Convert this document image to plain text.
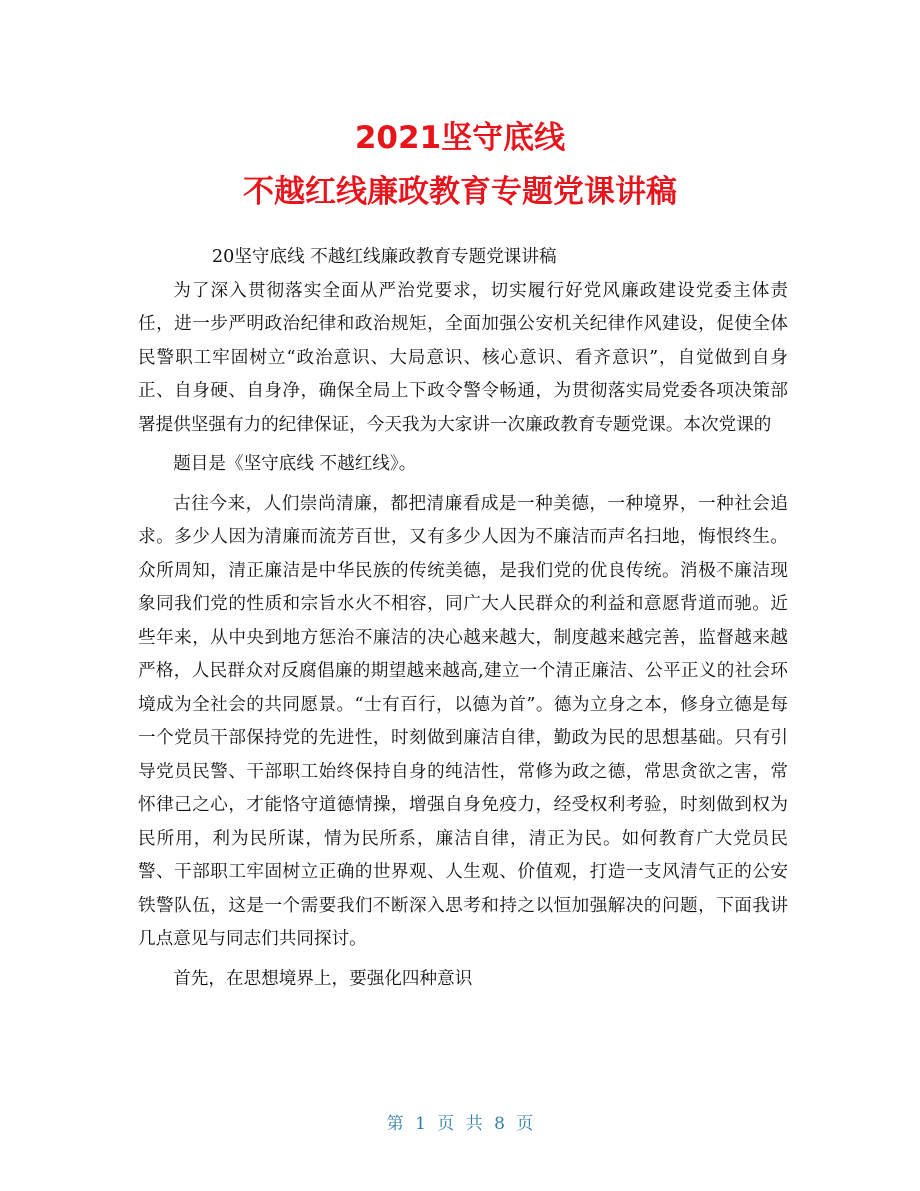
2021坚守底线
不越红线廉政教育专题党课讲稿

20坚守底线 不越红线廉政教育专题党课讲稿

为了深入贯彻落实全面从严治党要求，切实履行好党风廉政建设党委主体责任，进一步严明政治纪律和政治规矩，全面加强公安机关纪律作风建设，促使全体民警职工牢固树立“政治意识、大局意识、核心意识、看齐意识”，自觉做到自身正、自身硬、自身净，确保全局上下政令警令畅通，为贯彻落实局党委各项决策部署提供坚强有力的纪律保证，今天我为大家讲一次廉政教育专题党课。本次党课的

题目是《坚守底线 不越红线》。

古往今来，人们崇尚清廉，都把清廉看成是一种美德，一种境界，一种社会追求。多少人因为清廉而流芳百世，又有多少人因为不廉洁而声名扫地，悔恨终生。众所周知，清正廉洁是中华民族的传统美德，是我们党的优良传统。消极不廉洁现象同我们党的性质和宗旨水火不相容，同广大人民群众的利益和意愿背道而驰。近些年来，从中央到地方惩治不廉洁的决心越来越大，制度越来越完善，监督越来越严格，人民群众对反腐倡廉的期望越来越高,建立一个清正廉洁、公平正义的社会环境成为全社会的共同愿景。“士有百行，以德为首”。德为立身之本，修身立德是每一个党员干部保持党的先进性，时刻做到廉洁自律，勤政为民的思想基础。只有引导党员民警、干部职工始终保持自身的纯洁性，常修为政之德，常思贪欲之害，常怀律己之心，才能恪守道德情操，增强自身免疫力，经受权利考验，时刻做到权为民所用，利为民所谋，情为民所系，廉洁自律，清正为民。如何教育广大党员民警、干部职工牢固树立正确的世界观、人生观、价值观，打造一支风清气正的公安铁警队伍，这是一个需要我们不断深入思考和持之以恒加强解决的问题，下面我讲几点意见与同志们共同探讨。

首先，在思想境界上，要强化四种意识

第 1 页 共 8 页
